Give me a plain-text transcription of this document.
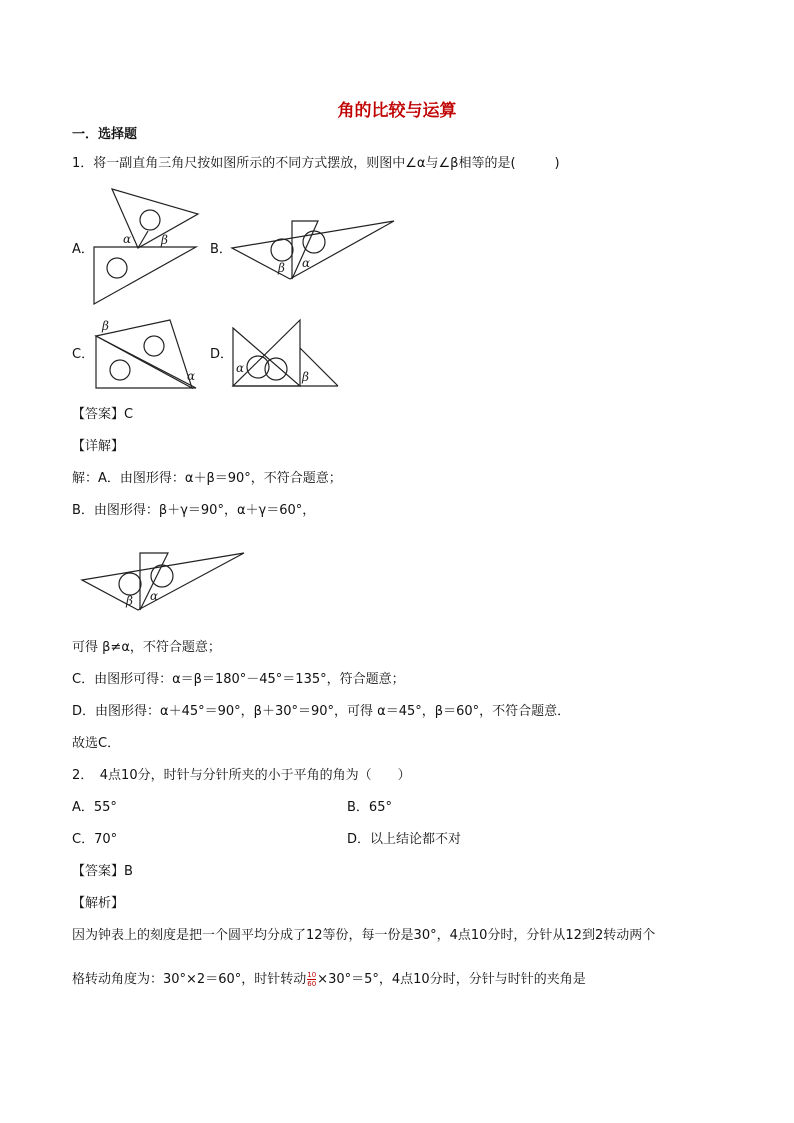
角的比较与运算
一．选择题
1．将一副直角三角尺按如图所示的不同方式摆放，则图中∠α与∠β相等的是(　　　)
A．
α β
B．
β α
C．
β
α
D．
α
β
【答案】C
【详解】
解：A．由图形得：α＋β＝90°，不符合题意；
B．由图形得：β＋γ＝90°，α＋γ＝60°，
β α
可得 β≠α，不符合题意；
C．由图形可得：α＝β＝180°－45°＝135°，符合题意；
D．由图形得：α＋45°＝90°，β＋30°＝90°，可得 α＝45°，β＝60°，不符合题意．
故选C．
2．　4点10分，时针与分针所夹的小于平角的角为（　　）
A．55°	B．65°
C．70°	D．以上结论都不对
【答案】B
【解析】
因为钟表上的刻度是把一个圆平均分成了12等份，每一份是30°，4点10分时，分针从12到2转动两个
格转动角度为：30°×2＝60°，时针转动 $\frac{10}{60} \times 30^\circ=5^\circ$，4点10分时，分针与时针的夹角是
